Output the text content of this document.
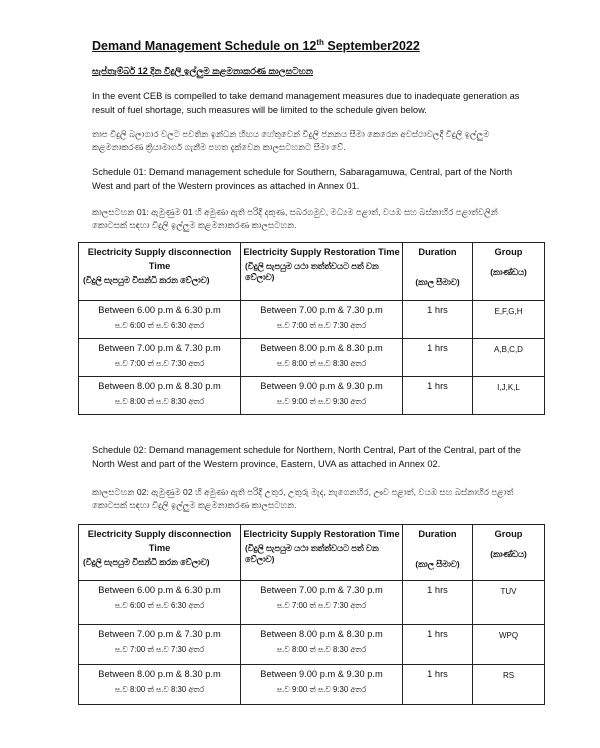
Demand Management Schedule on 12th September2022
සැප්තැම්බර් 12 දින විදුලි ඉල්ලුම කළමනාකරණ කාලසටහන
In the event CEB is compelled to take demand management measures due to inadequate generation as result of fuel shortage, such measures will be limited to the schedule given below.
තාප විදුලි බලාගාර වලට පවතින ඉන්ධන හිඟය හේතුවෙන් විදුලි ජනනය සීමා කෙරෙන අවස්ථාවලදී විදුලි ඉල්ලුම කළමනාකරණ ක්‍රියාමාර්ග ගැනීම පහත දැක්වෙන කාලසටහනට සීමා වේ.
Schedule 01: Demand management schedule for Southern, Sabaragamuwa, Central, part of the North West and part of the Western provinces as attached in Annex 01.
කාලසටහන 01: ඇමුණුම 01 හි අමුණා ඇති පරිදි දකුණ, සබරගමුව, මධ්‍යම පළාත්, වයඹ සහ බස්නාහිර පළාත්වලින් කොටසක් සඳහා විදුලි ඉල්ලුම කළමනාකරණ කාලසටහන.
Electricity Supply disconnection Time
(විදුලි සැපයුම විසන්ධි කරන වේලාව)	Electricity Supply Restoration Time
(විදුලි සැපයුම යථා තත්ත්වයට පත් වන වේලාව)	Duration
(කාල සීමාව)	Group
(කාණ්ඩය)

Between 6.00 p.m & 6.30 p.m
ප.ව 6:00 ත් ප.ව 6:30 අතර	Between 7.00 p.m & 7.30 p.m
ප.ව 7:00 ත් ප.ව 7:30 අතර	1 hrs	E,F,G,H

Between 7.00 p.m & 7.30 p.m
ප.ව 7:00 ත් ප.ව 7:30 අතර	Between 8.00 p.m & 8.30 p.m
ප.ව 8:00 ත් ප.ව 8:30 අතර	1 hrs	A,B,C,D

Between 8.00 p.m & 8.30 p.m
ප.ව 8:00 ත් ප.ව 8:30 අතර	Between 9.00 p.m & 9.30 p.m
ප.ව 9:00 ත් ප.ව 9:30 අතර	1 hrs	I,J,K,L
Schedule 02: Demand management schedule for Northern, North Central, Part of the Central, part of the North West and part of the Western province, Eastern, UVA as attached in Annex 02.
කාලසටහන 02: ඇමුණුම 02 හි අමුණා ඇති පරිදි උතුර, උතුරු මැද, නැගෙනහිර, ඌව පළාත්, වයඹ සහ බස්නාහිර පළාත් කොටසක් සඳහා විදුලි ඉල්ලුම කළමනාකරණ කාලසටහන.
Electricity Supply disconnection Time
(විදුලි සැපයුම විසන්ධි කරන වේලාව)	Electricity Supply Restoration Time
(විදුලි සැපයුම යථා තත්ත්වයට පත් වන වේලාව)	Duration
(කාල සීමාව)	Group
(කාණ්ඩය)

Between 6.00 p.m & 6.30 p.m
ප.ව 6:00 ත් ප.ව 6:30 අතර	Between 7.00 p.m & 7.30 p.m
ප.ව 7:00 ත් ප.ව 7:30 අතර	1 hrs	TUV

Between 7.00 p.m & 7.30 p.m
ප.ව 7:00 ත් ප.ව 7:30 අතර	Between 8.00 p.m & 8.30 p.m
ප.ව 8:00 ත් ප.ව 8:30 අතර	1 hrs	WPQ

Between 8.00 p.m & 8.30 p.m
ප.ව 8:00 ත් ප.ව 8:30 අතර	Between 9.00 p.m & 9.30 p.m
ප.ව 9:00 ත් ප.ව 9:30 අතර	1 hrs	RS
